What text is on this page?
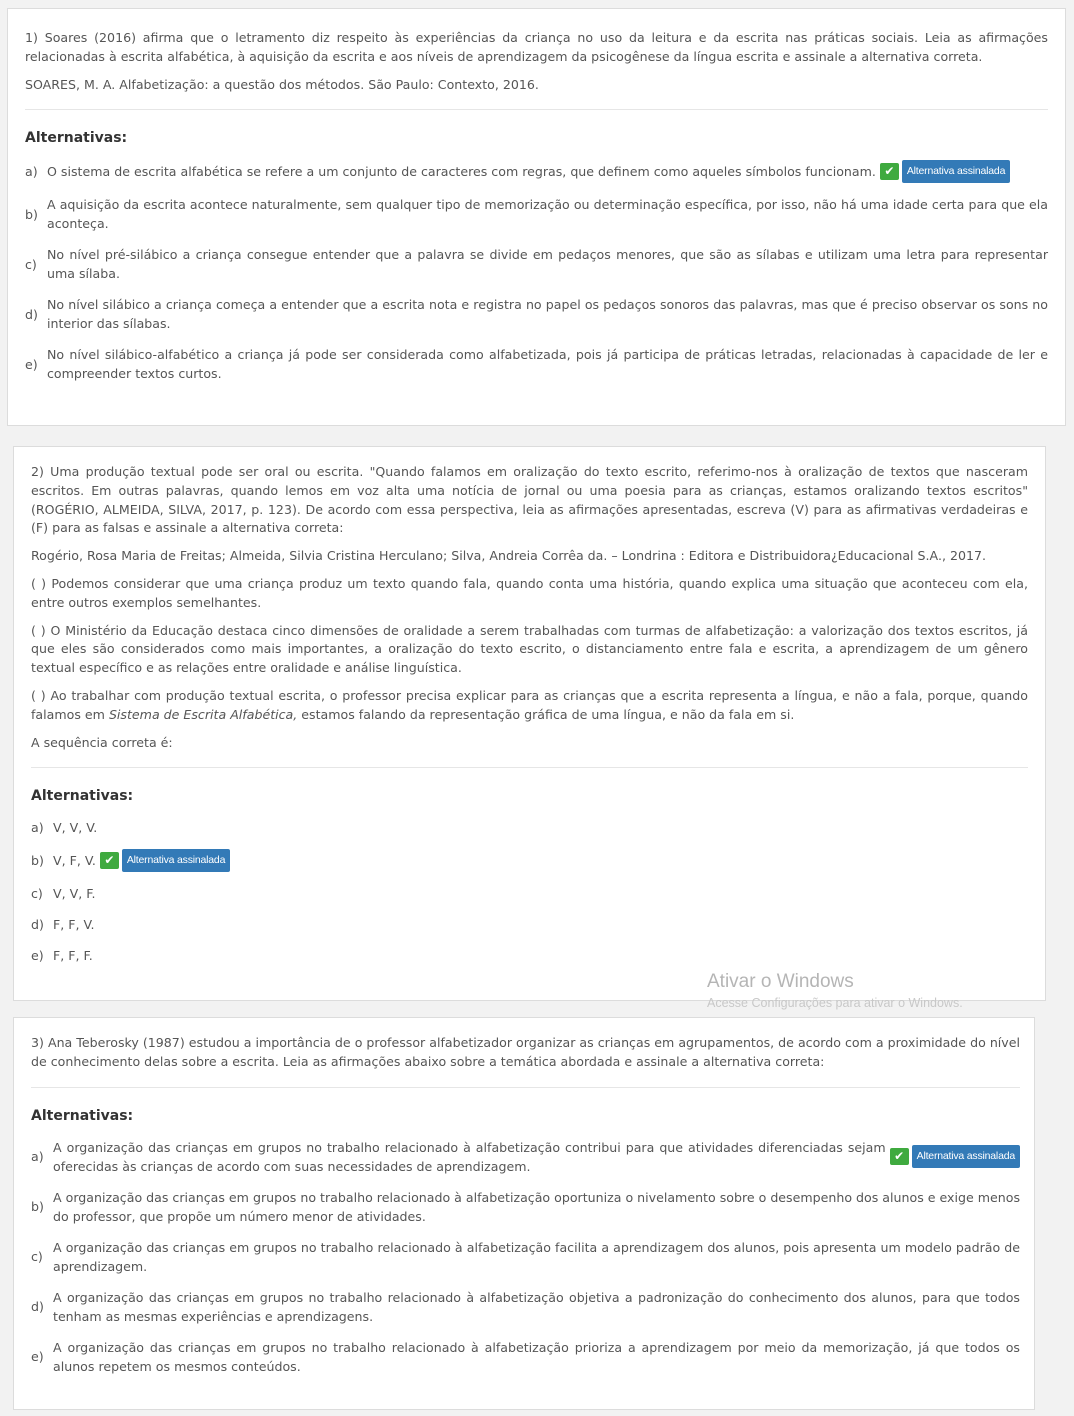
1) Soares (2016) afirma que o letramento diz respeito às experiências da criança no uso da leitura e da escrita nas práticas sociais. Leia as afirmações relacionadas à escrita alfabética, à aquisição da escrita e aos níveis de aprendizagem da psicogênese da língua escrita e assinale a alternativa correta.

SOARES, M. A. Alfabetização: a questão dos métodos. São Paulo: Contexto, 2016.

Alternativas:
a) O sistema de escrita alfabética se refere a um conjunto de caracteres com regras, que definem como aqueles símbolos funcionam. ✔	Alternativa assinalada
b)
A aquisição da escrita acontece naturalmente, sem qualquer tipo de memorização ou determinação específica, por isso, não há uma idade certa para que ela aconteça.
c)
No nível pré-silábico a criança consegue entender que a palavra se divide em pedaços menores, que são as sílabas e utilizam uma letra para representar uma sílaba.
d)
No nível silábico a criança começa a entender que a escrita nota e registra no papel os pedaços sonoros das palavras, mas que é preciso observar os sons no interior das sílabas.
e)
No nível silábico-alfabético a criança já pode ser considerada como alfabetizada, pois já participa de práticas letradas, relacionadas à capacidade de ler e compreender textos curtos.

2) Uma produção textual pode ser oral ou escrita. "Quando falamos em oralização do texto escrito, referimo-nos à oralização de textos que nasceram escritos. Em outras palavras, quando lemos em voz alta uma notícia de jornal ou uma poesia para as crianças, estamos oralizando textos escritos" (ROGÉRIO, ALMEIDA, SILVA, 2017, p. 123). De acordo com essa perspectiva, leia as afirmações apresentadas, escreva (V) para as afirmativas verdadeiras e (F) para as falsas e assinale a alternativa correta:

Rogério, Rosa Maria de Freitas; Almeida, Silvia Cristina Herculano; Silva, Andreia Corrêa da. – Londrina : Editora e Distribuidora¿Educacional S.A., 2017.

( ) Podemos considerar que uma criança produz um texto quando fala, quando conta uma história, quando explica uma situação que aconteceu com ela, entre outros exemplos semelhantes.

( ) O Ministério da Educação destaca cinco dimensões de oralidade a serem trabalhadas com turmas de alfabetização: a valorização dos textos escritos, já que eles são considerados como mais importantes, a oralização do texto escrito, o distanciamento entre fala e escrita, a aprendizagem de um gênero textual específico e as relações entre oralidade e análise linguística.

( ) Ao trabalhar com produção textual escrita, o professor precisa explicar para as crianças que a escrita representa a língua, e não a fala, porque, quando falamos em Sistema de Escrita Alfabética, estamos falando da representação gráfica de uma língua, e não da fala em si.

A sequência correta é:

Alternativas:
a) V, V, V.
b) V, F, V. ✔	Alternativa assinalada
c) V, V, F.
d) F, F, V.
e) F, F, F.
Ativar o Windows
Acesse Configurações para ativar o Windows.

3) Ana Teberosky (1987) estudou a importância de o professor alfabetizador organizar as crianças em agrupamentos, de acordo com a proximidade do nível de conhecimento delas sobre a escrita. Leia as afirmações abaixo sobre a temática abordada e assinale a alternativa correta:

Alternativas:
a)
A organização das crianças em grupos no trabalho relacionado à alfabetização contribui para que atividades diferenciadas sejam oferecidas às crianças de acordo com suas necessidades de aprendizagem.
✔	Alternativa assinalada
b)
A organização das crianças em grupos no trabalho relacionado à alfabetização oportuniza o nivelamento sobre o desempenho dos alunos e exige menos do professor, que propõe um número menor de atividades.
c)
A organização das crianças em grupos no trabalho relacionado à alfabetização facilita a aprendizagem dos alunos, pois apresenta um modelo padrão de aprendizagem.
d)
A organização das crianças em grupos no trabalho relacionado à alfabetização objetiva a padronização do conhecimento dos alunos, para que todos tenham as mesmas experiências e aprendizagens.
e)
A organização das crianças em grupos no trabalho relacionado à alfabetização prioriza a aprendizagem por meio da memorização, já que todos os alunos repetem os mesmos conteúdos.
